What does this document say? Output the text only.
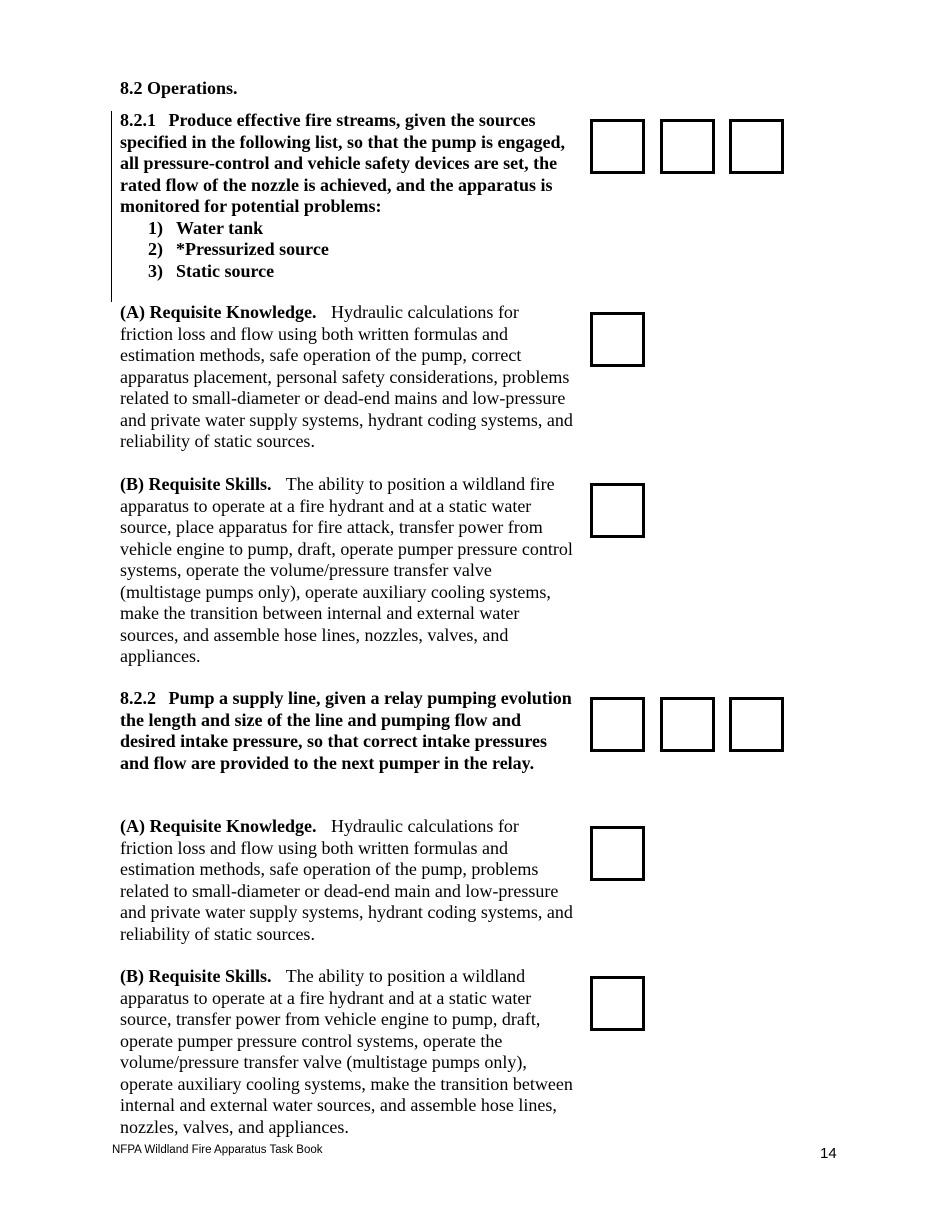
8.2 Operations.
8.2.1 Produce effective fire streams, given the sources specified in the following list, so that the pump is engaged, all pressure-control and vehicle safety devices are set, the rated flow of the nozzle is achieved, and the apparatus is monitored for potential problems:
1) Water tank
2) *Pressurized source
3) Static source
(A) Requisite Knowledge. Hydraulic calculations for friction loss and flow using both written formulas and estimation methods, safe operation of the pump, correct apparatus placement, personal safety considerations, problems related to small-diameter or dead-end mains and low-pressure and private water supply systems, hydrant coding systems, and reliability of static sources.
(B) Requisite Skills. The ability to position a wildland fire apparatus to operate at a fire hydrant and at a static water source, place apparatus for fire attack, transfer power from vehicle engine to pump, draft, operate pumper pressure control systems, operate the volume/pressure transfer valve (multistage pumps only), operate auxiliary cooling systems, make the transition between internal and external water sources, and assemble hose lines, nozzles, valves, and appliances.
8.2.2 Pump a supply line, given a relay pumping evolution the length and size of the line and pumping flow and desired intake pressure, so that correct intake pressures and flow are provided to the next pumper in the relay.
(A) Requisite Knowledge. Hydraulic calculations for friction loss and flow using both written formulas and estimation methods, safe operation of the pump, problems related to small-diameter or dead-end main and low-pressure and private water supply systems, hydrant coding systems, and reliability of static sources.
(B) Requisite Skills. The ability to position a wildland apparatus to operate at a fire hydrant and at a static water source, transfer power from vehicle engine to pump, draft, operate pumper pressure control systems, operate the volume/pressure transfer valve (multistage pumps only), operate auxiliary cooling systems, make the transition between internal and external water sources, and assemble hose lines, nozzles, valves, and appliances.
NFPA Wildland Fire Apparatus Task Book	14
